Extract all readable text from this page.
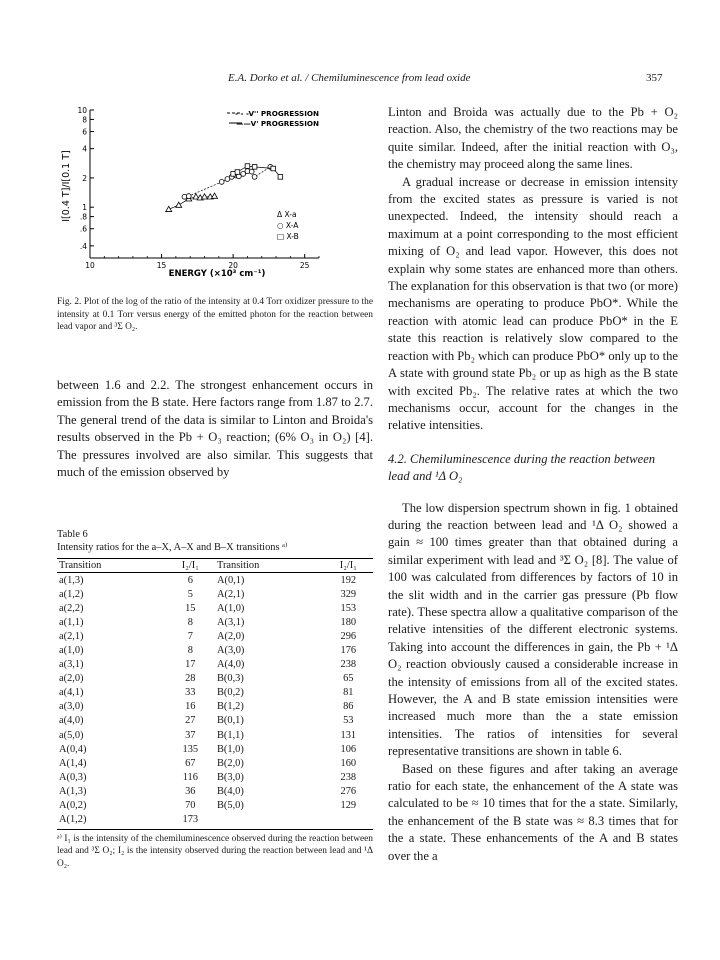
E.A. Dorko et al. / Chemiluminescence from lead oxide	357
I[0.4 T]/I[0.1 T]
ENERGY (×10³ cm⁻¹)
- - -V'' PROGRESSION
——V' PROGRESSION
Δ X-a
○ X-A
□ X-B
10
8
6
4
2
1
.8
.6
.4
10	15	20	25

Fig. 2. Plot of the log of the ratio of the intensity at 0.4 Torr oxidizer pressure to the intensity at 0.1 Torr versus energy of the emitted photon for the reaction between lead vapor and ³Σ O₂.

between 1.6 and 2.2. The strongest enhancement occurs in emission from the B state. Here factors range from 1.87 to 2.7. The general trend of the data is similar to Linton and Broida's results observed in the Pb + O₃ reaction; (6% O₃ in O₂) [4]. The pressures involved are also similar. This suggests that much of the emission observed by

Table 6
Intensity ratios for the a–X, A–X and B–X transitions ᵃ⁾
Transition	I₂/I₁	Transition	I₂/I₁
a(1,3)	6	A(0,1)	192
a(1,2)	5	A(2,1)	329
a(2,2)	15	A(1,0)	153
a(1,1)	8	A(3,1)	180
a(2,1)	7	A(2,0)	296
a(1,0)	8	A(3,0)	176
a(3,1)	17	A(4,0)	238
a(2,0)	28	B(0,3)	65
a(4,1)	33	B(0,2)	81
a(3,0)	16	B(1,2)	86
a(4,0)	27	B(0,1)	53
a(5,0)	37	B(1,1)	131
A(0,4)	135	B(1,0)	106
A(1,4)	67	B(2,0)	160
A(0,3)	116	B(3,0)	238
A(1,3)	36	B(4,0)	276
A(0,2)	70	B(5,0)	129
A(1,2)	173		

ᵃ⁾ I₁ is the intensity of the chemiluminescence observed during the reaction between lead and ³Σ O₂; I₂ is the intensity observed during the reaction between lead and ¹Δ O₂.

Linton and Broida was actually due to the Pb + O₂ reaction. Also, the chemistry of the two reactions may be quite similar. Indeed, after the initial reaction with O₃, the chemistry may proceed along the same lines.

A gradual increase or decrease in emission intensity from the excited states as pressure is varied is not unexpected. Indeed, the intensity should reach a maximum at a point corresponding to the most efficient mixing of O₂ and lead vapor. However, this does not explain why some states are enhanced more than others. The explanation for this observation is that two (or more) mechanisms are operating to produce PbO*. While the reaction with atomic lead can produce PbO* in the E state this reaction is relatively slow compared to the reaction with Pb₂ which can produce PbO* only up to the A state with ground state Pb₂ or up as high as the B state with excited Pb₂. The relative rates at which the two mechanisms occur, account for the changes in the relative intensities.

4.2. Chemiluminescence during the reaction between lead and ¹Δ O₂

The low dispersion spectrum shown in fig. 1 obtained during the reaction between lead and ¹Δ O₂ showed a gain ≈ 100 times greater than that obtained during a similar experiment with lead and ³Σ O₂ [8]. The value of 100 was calculated from differences by factors of 10 in the slit width and in the carrier gas pressure (Pb flow rate). These spectra allow a qualitative comparison of the relative intensities of the different electronic systems. Taking into account the differences in gain, the Pb + ¹Δ O₂ reaction obviously caused a considerable increase in the intensity of emissions from all of the excited states. However, the A and B state emission intensities were increased much more than the a state emission intensities. The ratios of intensities for several representative transitions are shown in table 6.

Based on these figures and after taking an average ratio for each state, the enhancement of the A state was calculated to be ≈ 10 times that for the a state. Similarly, the enhancement of the B state was ≈ 8.3 times that for the a state. These enhancements of the A and B states over the a
